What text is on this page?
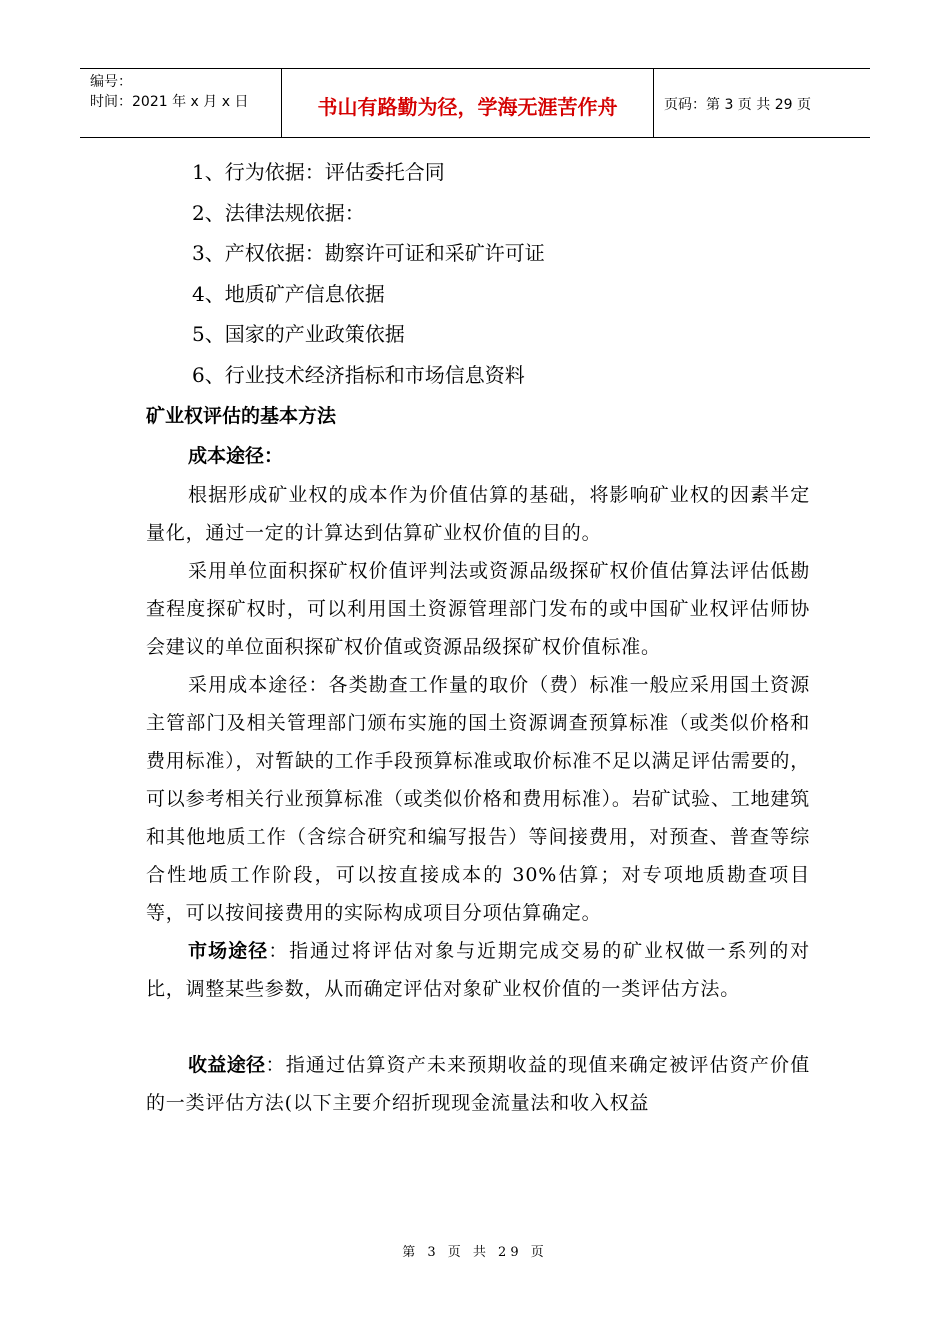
编号：
时间：2021 年 x 月 x 日	书山有路勤为径，学海无涯苦作舟	页码：第 3 页 共 29 页

1、行为依据：评估委托合同

2、法律法规依据：

3、产权依据：勘察许可证和采矿许可证

4、地质矿产信息依据

5、国家的产业政策依据

6、行业技术经济指标和市场信息资料

矿业权评估的基本方法
成本途径：

根据形成矿业权的成本作为价值估算的基础，将影响矿业权的因素半定量化，通过一定的计算达到估算矿业权价值的目的。

采用单位面积探矿权价值评判法或资源品级探矿权价值估算法评估低勘查程度探矿权时，可以利用国土资源管理部门发布的或中国矿业权评估师协会建议的单位面积探矿权价值或资源品级探矿权价值标准。

采用成本途径：各类勘查工作量的取价（费）标准一般应采用国土资源主管部门及相关管理部门颁布实施的国土资源调查预算标准（或类似价格和费用标准），对暂缺的工作手段预算标准或取价标准不足以满足评估需要的，可以参考相关行业预算标准（或类似价格和费用标准）。岩矿试验、工地建筑和其他地质工作（含综合研究和编写报告）等间接费用，对预查、普查等综合性地质工作阶段，可以按直接成本的 30%估算；对专项地质勘查项目等，可以按间接费用的实际构成项目分项估算确定。

市场途径：指通过将评估对象与近期完成交易的矿业权做一系列的对比，调整某些参数，从而确定评估对象矿业权价值的一类评估方法。

收益途径：指通过估算资产未来预期收益的现值来确定被评估资产价值的一类评估方法(以下主要介绍折现现金流量法和收入权益

第 3 页 共 29 页
